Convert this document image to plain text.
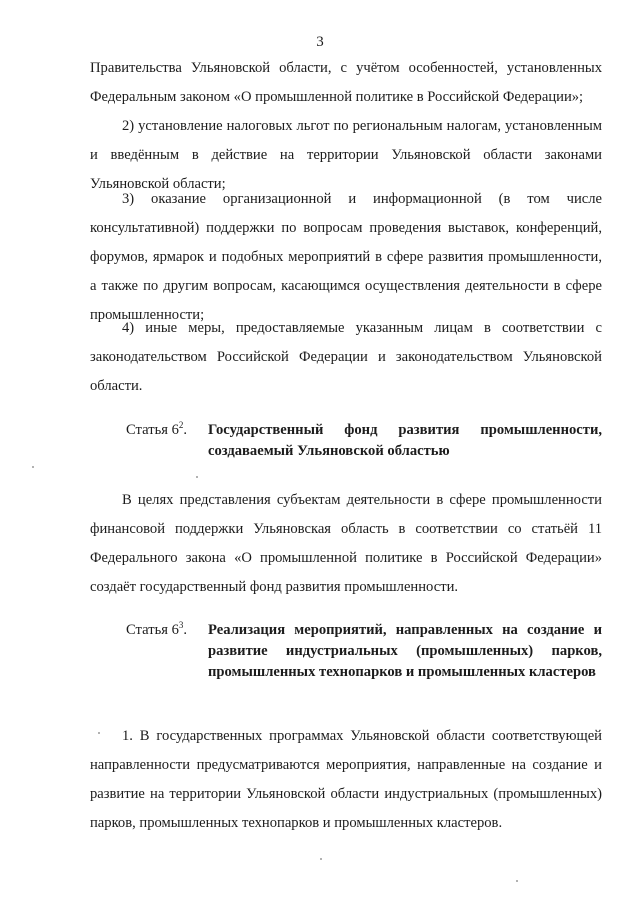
3

Правительства Ульяновской области, с учётом особенностей, установленных Федеральным законом «О промышленной политике в Российской Федерации»;

2) установление налоговых льгот по региональным налогам, установленным и введённым в действие на территории Ульяновской области законами Ульяновской области;

3) оказание организационной и информационной (в том числе консультативной) поддержки по вопросам проведения выставок, конференций, форумов, ярмарок и подобных мероприятий в сфере развития промышленности, а также по другим вопросам, касающимся осуществления деятельности в сфере промышленности;

4) иные меры, предоставляемые указанным лицам в соответствии с законодательством Российской Федерации и законодательством Ульяновской области.

Статья $6^2$. Государственный фонд развития промышленности, создаваемый Ульяновской областью

В целях представления субъектам деятельности в сфере промышленности финансовой поддержки Ульяновская область в соответствии со статьёй 11 Федерального закона «О промышленной политике в Российской Федерации» создаёт государственный фонд развития промышленности.

Статья $6^3$. Реализация мероприятий, направленных на создание и развитие индустриальных (промышленных) парков, промышленных технопарков и промышленных кластеров

1. В государственных программах Ульяновской области соответствующей направленности предусматриваются мероприятия, направленные на создание и развитие на территории Ульяновской области индустриальных (промышленных) парков, промышленных технопарков и промышленных кластеров.
